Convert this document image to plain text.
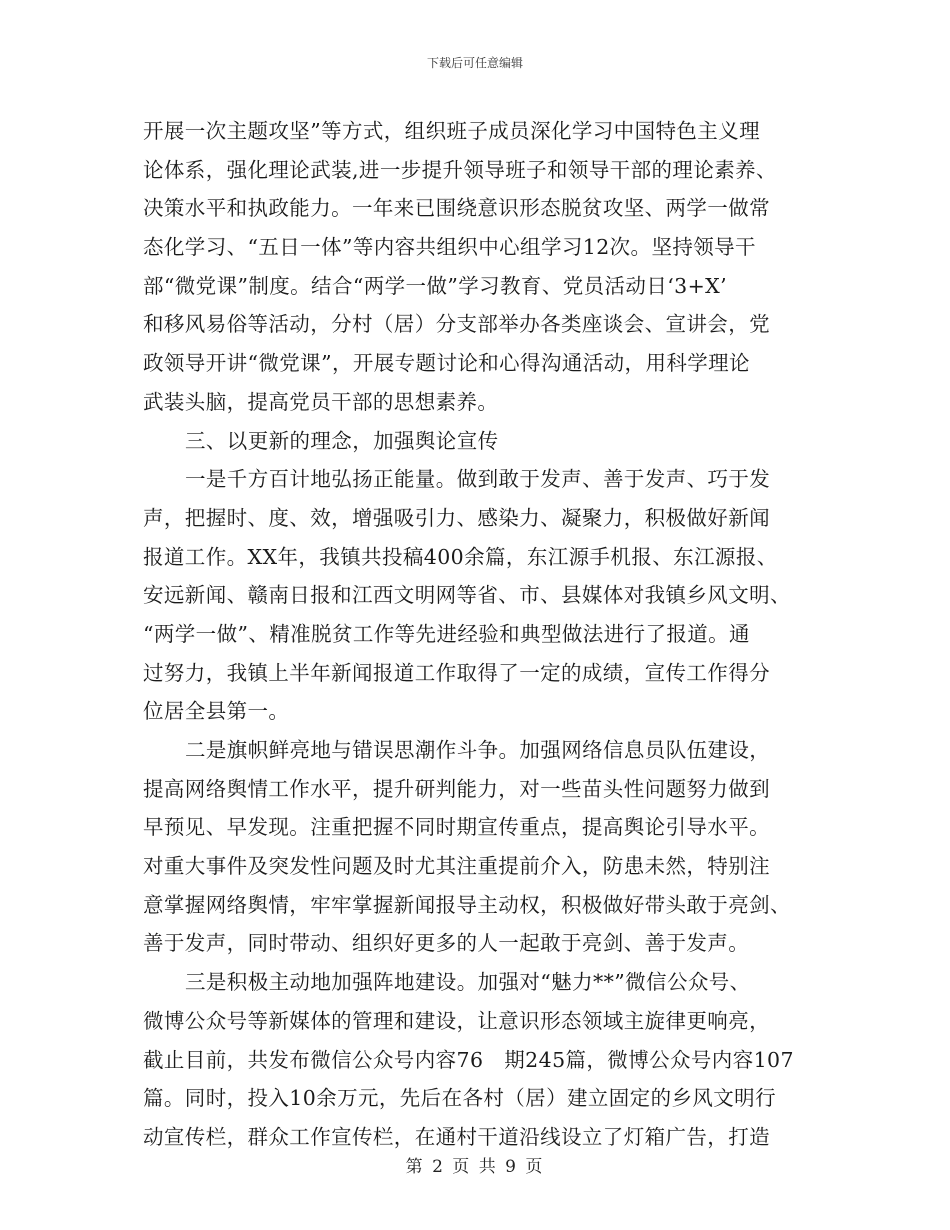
下载后可任意编辑
开展一次主题攻坚”等方式，组织班子成员深化学习中国特色主义理
论体系，强化理论武装,进一步提升领导班子和领导干部的理论素养、
决策水平和执政能力。一年来已围绕意识形态脱贫攻坚、两学一做常
态化学习、“五日一体”等内容共组织中心组学习12次。坚持领导干
部“微党课”制度。结合“两学一做”学习教育、党员活动日‘3+X’
和移风易俗等活动，分村（居）分支部举办各类座谈会、宣讲会，党
政领导开讲“微党课”，开展专题讨论和心得沟通活动，用科学理论
武装头脑，提高党员干部的思想素养。
三、以更新的理念，加强舆论宣传
一是千方百计地弘扬正能量。做到敢于发声、善于发声、巧于发
声，把握时、度、效，增强吸引力、感染力、凝聚力，积极做好新闻
报道工作。XX年，我镇共投稿400余篇，东江源手机报、东江源报、
安远新闻、赣南日报和江西文明网等省、市、县媒体对我镇乡风文明、
“两学一做”、精准脱贫工作等先进经验和典型做法进行了报道。通
过努力，我镇上半年新闻报道工作取得了一定的成绩，宣传工作得分
位居全县第一。
二是旗帜鲜亮地与错误思潮作斗争。加强网络信息员队伍建设，
提高网络舆情工作水平，提升研判能力，对一些苗头性问题努力做到
早预见、早发现。注重把握不同时期宣传重点，提高舆论引导水平。
对重大事件及突发性问题及时尤其注重提前介入，防患未然，特别注
意掌握网络舆情，牢牢掌握新闻报导主动权，积极做好带头敢于亮剑、
善于发声，同时带动、组织好更多的人一起敢于亮剑、善于发声。
三是积极主动地加强阵地建设。加强对“魅力**”微信公众号、
微博公众号等新媒体的管理和建设，让意识形态领域主旋律更响亮，
截止目前，共发布微信公众号内容76　期245篇，微博公众号内容107
篇。同时，投入10余万元，先后在各村（居）建立固定的乡风文明行
动宣传栏，群众工作宣传栏，在通村干道沿线设立了灯箱广告，打造
第 2 页 共 9 页
